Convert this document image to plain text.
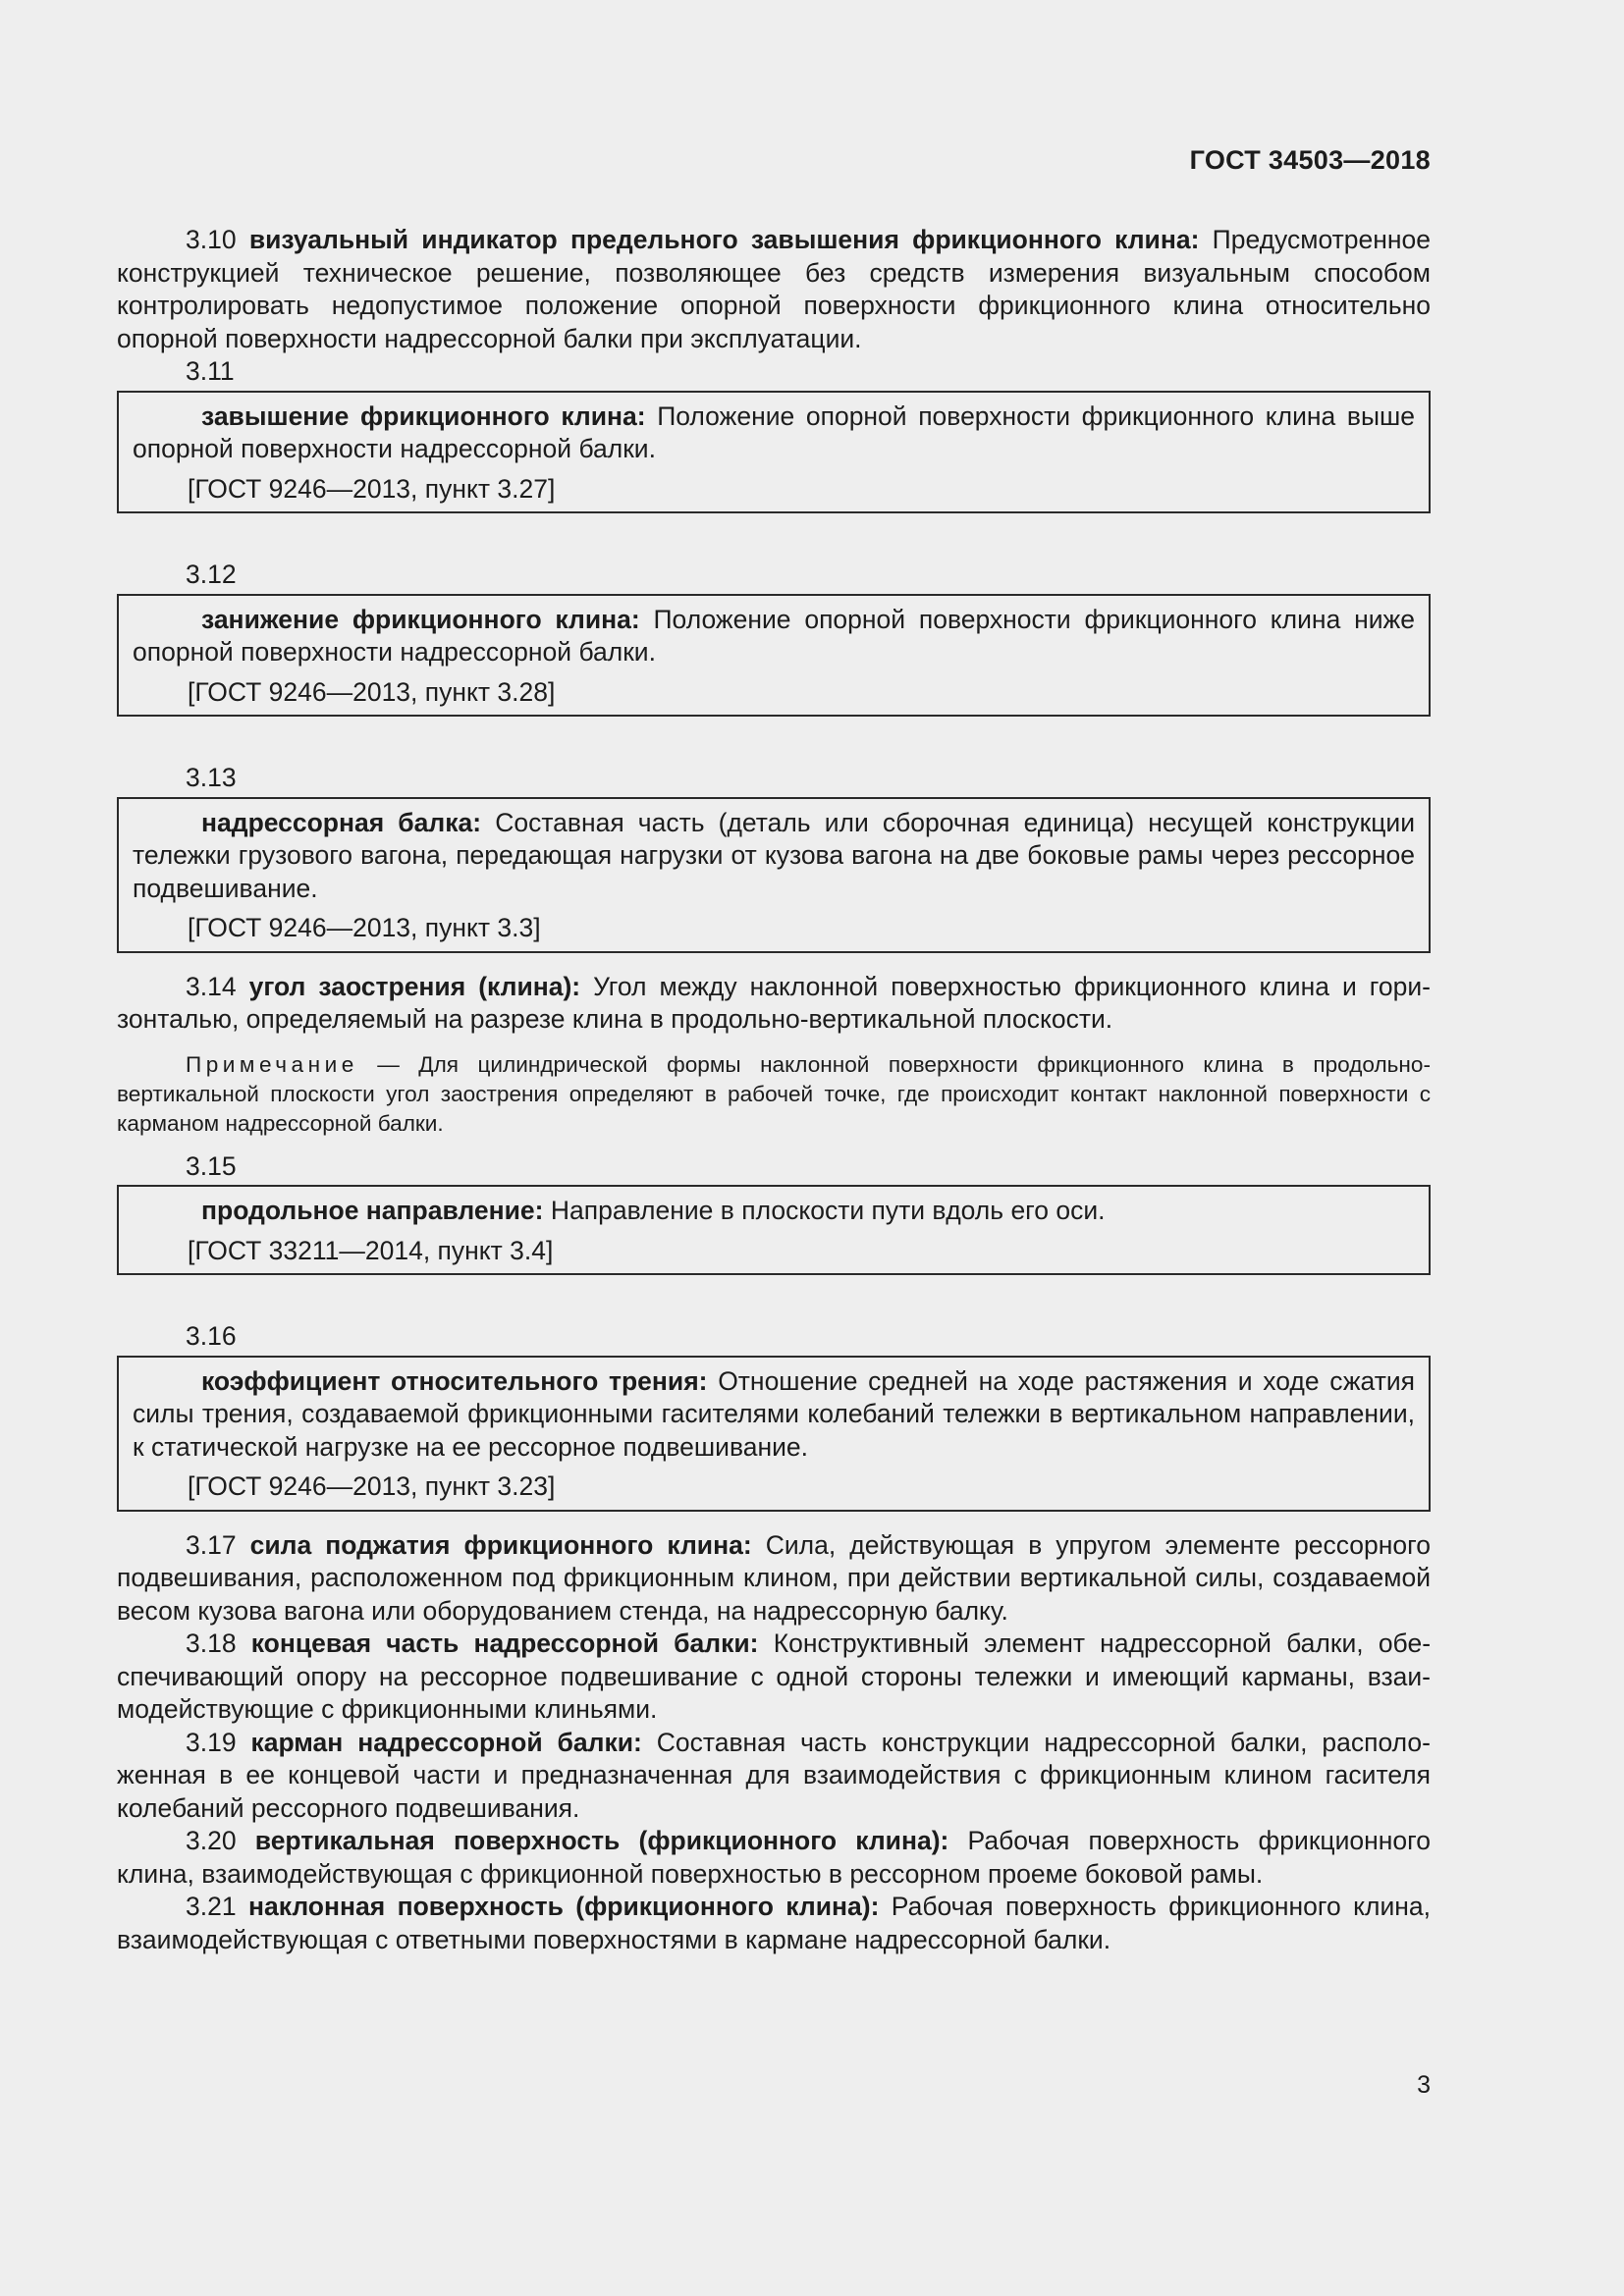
ГОСТ 34503—2018

3.10 визуальный индикатор предельного завышения фрикционного клина: Предусмотренное конструкцией техническое решение, позволяющее без средств измерения визуальным способом контролировать недопустимое положение опорной поверхности фрикционного клина относительно опорной поверхности надрессорной балки при эксплуатации.

3.11

завышение фрикционного клина: Положение опорной поверхности фрикционного клина выше опорной поверхности надрессорной балки.

[ГОСТ 9246—2013, пункт 3.27]

3.12

занижение фрикционного клина: Положение опорной поверхности фрикционного клина ниже опорной поверхности надрессорной балки.

[ГОСТ 9246—2013, пункт 3.28]

3.13

надрессорная балка: Составная часть (деталь или сборочная единица) несущей конструкции тележки грузового вагона, передающая нагрузки от кузова вагона на две боковые рамы через рессорное подвешивание.

[ГОСТ 9246—2013, пункт 3.3]

3.14 угол заострения (клина): Угол между наклонной поверхностью фрикционного клина и горизонталью, определяемый на разрезе клина в продольно-вертикальной плоскости.

Примечание — Для цилиндрической формы наклонной поверхности фрикционного клина в продольно-вертикальной плоскости угол заострения определяют в рабочей точке, где происходит контакт наклонной поверхности с карманом надрессорной балки.

3.15

продольное направление: Направление в плоскости пути вдоль его оси.

[ГОСТ 33211—2014, пункт 3.4]

3.16

коэффициент относительного трения: Отношение средней на ходе растяжения и ходе сжатия силы трения, создаваемой фрикционными гасителями колебаний тележки в вертикальном направлении, к статической нагрузке на ее рессорное подвешивание.

[ГОСТ 9246—2013, пункт 3.23]

3.17 сила поджатия фрикционного клина: Сила, действующая в упругом элементе рессорного подвешивания, расположенном под фрикционным клином, при действии вертикальной силы, создаваемой весом кузова вагона или оборудованием стенда, на надрессорную балку.

3.18 концевая часть надрессорной балки: Конструктивный элемент надрессорной балки, обеспечивающий опору на рессорное подвешивание с одной стороны тележки и имеющий карманы, взаимодействующие с фрикционными клиньями.

3.19 карман надрессорной балки: Составная часть конструкции надрессорной балки, расположенная в ее концевой части и предназначенная для взаимодействия с фрикционным клином гасителя колебаний рессорного подвешивания.

3.20 вертикальная поверхность (фрикционного клина): Рабочая поверхность фрикционного клина, взаимодействующая с фрикционной поверхностью в рессорном проеме боковой рамы.

3.21 наклонная поверхность (фрикционного клина): Рабочая поверхность фрикционного клина, взаимодействующая с ответными поверхностями в кармане надрессорной балки.

3
